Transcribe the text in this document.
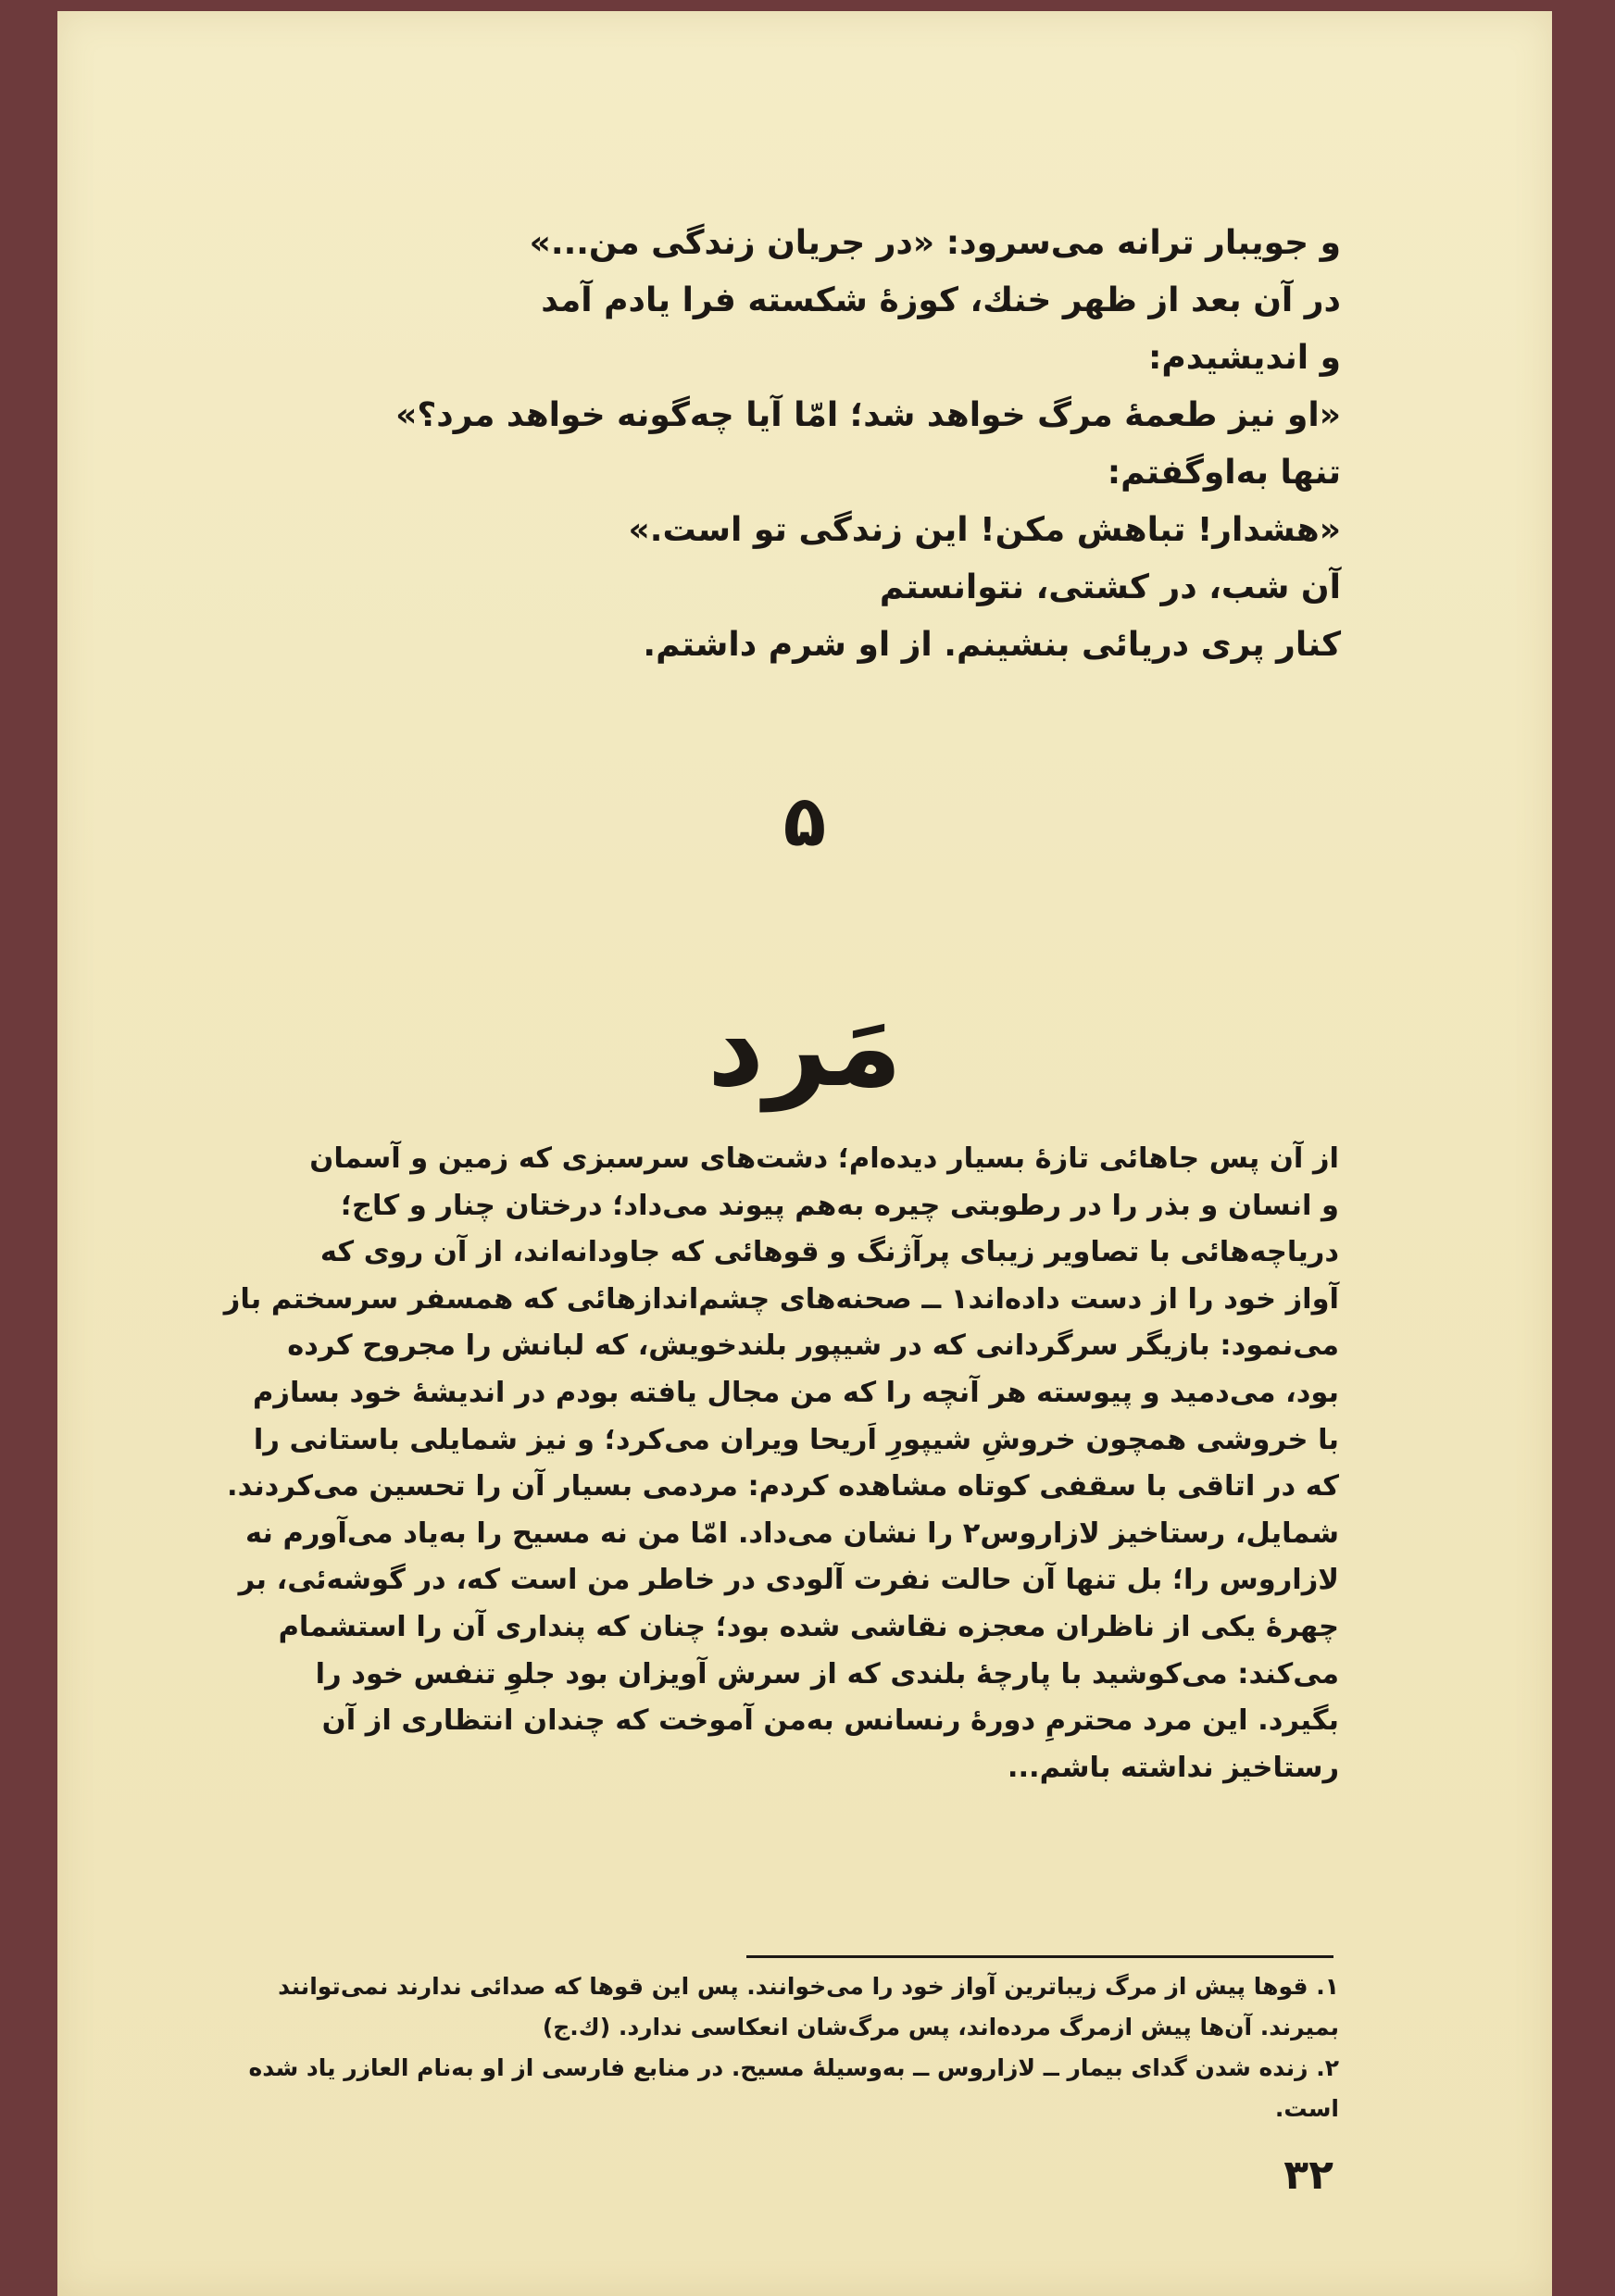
و جویبار ترانه می‌سرود: «در جریان زندگی من...»
در آن بعد از ظهر خنك، كوزهٔ شكسته فرا یادم آمد
و اندیشیدم:
«او نیز طعمهٔ مرگ خواهد شد؛ امّا آیا چه‌گونه خواهد مرد؟»
تنها به‌اوگفتم:
«هشدار! تباهش مكن! این زندگی تو است.»
آن شب، در كشتی، نتوانستم
كنار پری دریائی بنشینم. از او شرم داشتم.
۵
مَرد
از آن پس جاهائی تازهٔ بسیار دیده‌ام؛ دشت‌های سرسبزی كه زمین و آسمان
و انسان و بذر را در رطوبتی چیره به‌هم پیوند می‌داد؛ درختان چنار و كاج؛
دریاچه‌هائی با تصاویر زیبای پرآژنگ و قوهائی كه جاودانه‌اند، از آن روی كه
آواز خود را از دست داده‌اند۱ ــ صحنه‌های چشم‌اندازهائی كه همسفر سرسختم باز
می‌نمود: بازیگر سرگردانی كه در شیپور بلندخویش، كه لبانش را مجروح كرده
بود، می‌دمید و پیوسته هر آنچه را كه من مجال یافته بودم در اندیشهٔ خود بسازم
با خروشی همچون خروشِ شیپورِ اَریحا ویران می‌كرد؛ و نیز شمایلی باستانی را
كه در اتاقی با سقفی كوتاه مشاهده كردم: مردمی بسیار آن را تحسین می‌كردند.
شمایل، رستاخیز لازاروس۲ را نشان می‌داد. امّا من نه مسیح را به‌یاد می‌آورم نه
لازاروس را؛ بل تنها آن حالت نفرت آلودی در خاطر من است كه، در گوشه‌ئی، بر
چهرهٔ یكی از ناظران معجزه نقاشی شده بود؛ چنان كه پنداری آن را استشمام
می‌كند: می‌كوشید با پارچهٔ بلندی كه از سرش آویزان بود جلوِ تنفس خود را
بگیرد. این مرد محترمِ دورهٔ رنسانس به‌من آموخت كه چندان انتظاری از آن
رستاخیز نداشته باشم...
۱. قوها پیش از مرگ زیباترین آواز خود را می‌خوانند. پس این قوها كه صدائی ندارند نمی‌توانند
بمیرند. آن‌ها پیش ازمرگ مرده‌اند، پس مرگ‌شان انعكاسی ندارد. (ك.ج)
۲. زنده شدن گدای بیمار ــ لازاروس ــ به‌وسیلهٔ مسیح. در منابع فارسی از او به‌نام العازر یاد شده
است.
۳۲
